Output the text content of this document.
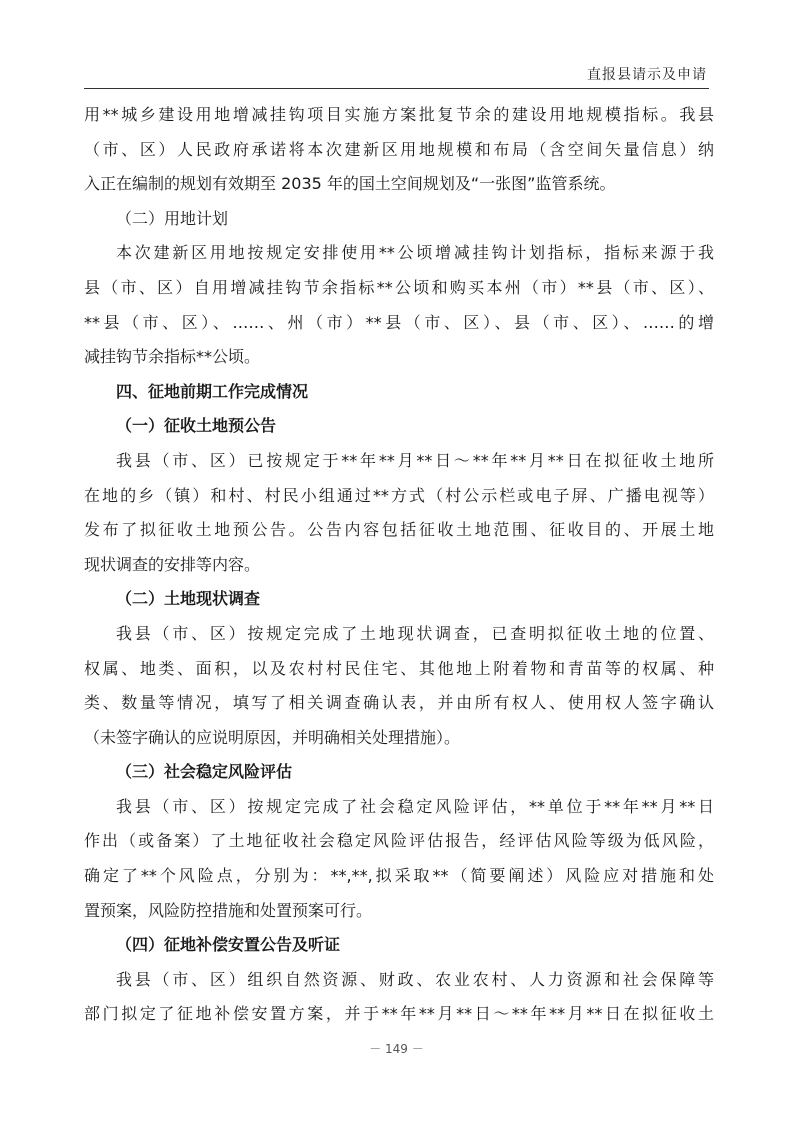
直报县请示及申请
用**城乡建设用地增减挂钩项目实施方案批复节余的建设用地规模指标。我县
（市、区）人民政府承诺将本次建新区用地规模和布局（含空间矢量信息）纳
入正在编制的规划有效期至 2035 年的国土空间规划及“一张图”监管系统。
（二）用地计划
本次建新区用地按规定安排使用**公顷增减挂钩计划指标，指标来源于我
县（市、区）自用增减挂钩节余指标**公顷和购买本州（市）**县（市、区）、
**县（市、区）、……、州（市）**县（市、区）、县（市、区）、……的增
减挂钩节余指标**公顷。
四、征地前期工作完成情况
（一）征收土地预公告
我县（市、区）已按规定于**年**月**日～**年**月**日在拟征收土地所
在地的乡（镇）和村、村民小组通过**方式（村公示栏或电子屏、广播电视等）
发布了拟征收土地预公告。公告内容包括征收土地范围、征收目的、开展土地
现状调查的安排等内容。
（二）土地现状调查
我县（市、区）按规定完成了土地现状调查，已查明拟征收土地的位置、
权属、地类、面积，以及农村村民住宅、其他地上附着物和青苗等的权属、种
类、数量等情况，填写了相关调查确认表，并由所有权人、使用权人签字确认
（未签字确认的应说明原因，并明确相关处理措施）。
（三）社会稳定风险评估
我县（市、区）按规定完成了社会稳定风险评估，**单位于**年**月**日
作出（或备案）了土地征收社会稳定风险评估报告，经评估风险等级为低风险，
确定了**个风险点，分别为：**,**,拟采取**（简要阐述）风险应对措施和处
置预案，风险防控措施和处置预案可行。
（四）征地补偿安置公告及听证
我县（市、区）组织自然资源、财政、农业农村、人力资源和社会保障等
部门拟定了征地补偿安置方案，并于**年**月**日～**年**月**日在拟征收土
－ 149 －
